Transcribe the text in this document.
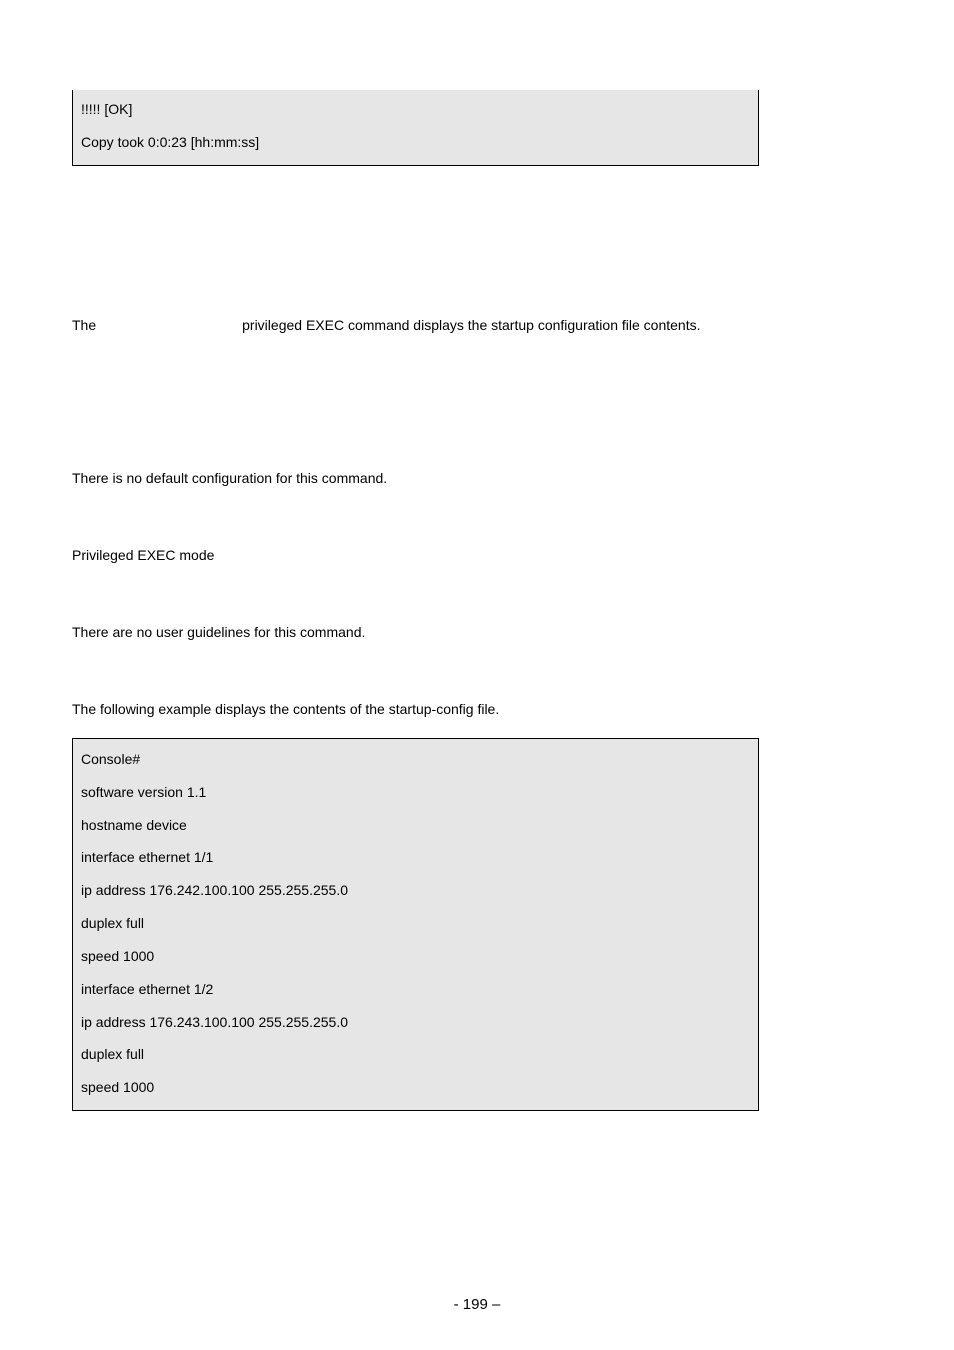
!!!!! [OK]
Copy took 0:0:23 [hh:mm:ss]
The	privileged EXEC command displays the startup configuration file contents.
There is no default configuration for this command.
Privileged EXEC mode
There are no user guidelines for this command.
The following example displays the contents of the startup-config file.
Console#
software version 1.1
hostname device
interface ethernet 1/1
ip address 176.242.100.100 255.255.255.0
duplex full
speed 1000
interface ethernet 1/2
ip address 176.243.100.100 255.255.255.0
duplex full
speed 1000
- 199 –
